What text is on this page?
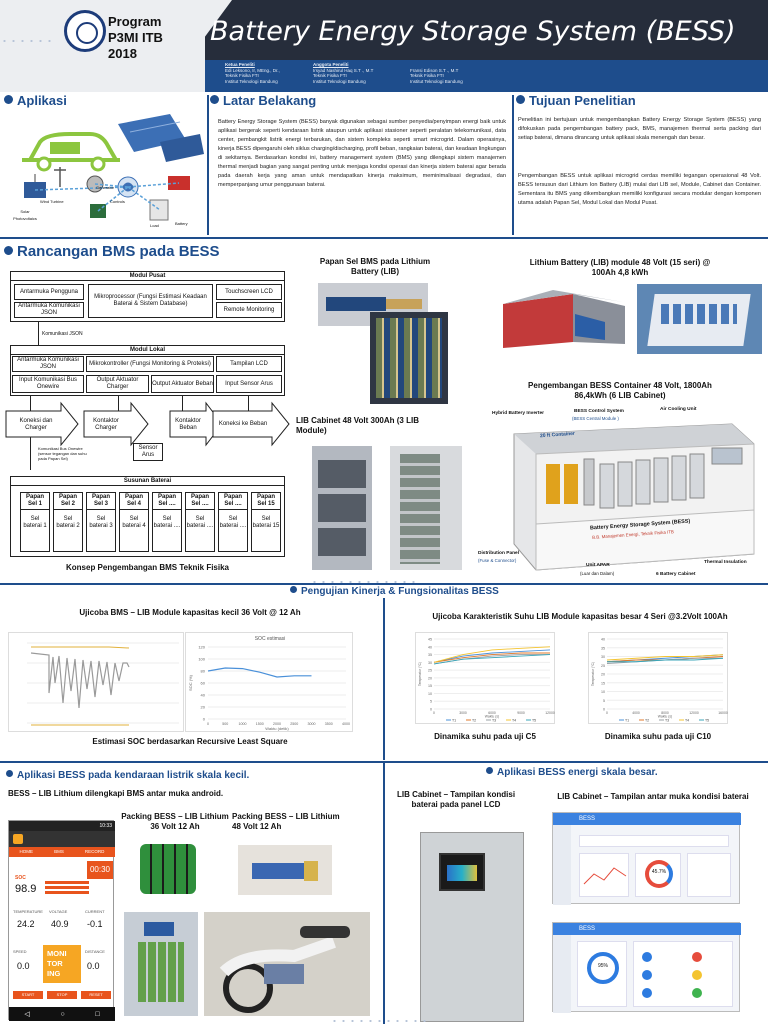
Program
P3MI ITB
2018
Battery Energy Storage System (BESS)
Ketua Peneliti
Edi Leksono, Ir, MEng., Dr.,
Teknik Fisika FTI
Institut Teknologi Bandung
Anggota Peneliti
Irsyad Nashirul Haq S.T ., M.T
Teknik Fisika FTI
Institut Teknologi Bandung

Fransi Edison S.T ., M.T
Teknik Fisika FTI
Institut Teknologi Bandung
Aplikasi
Generator
Wind Turbine
Solar Photovoltaics
Battery
Controls
Load
Latar Belakang
Battery Energy Storage System (BESS) banyak digunakan sebagai sumber penyedia/penyimpan energi baik untuk aplikasi bergerak seperti kendaraan listrik ataupun untuk aplikasi stasioner seperti peralatan telekomunikasi, data center, pembangkit listrik energi terbarukan, dan sistem kompleks seperti smart microgrid. Dalam operasinya, kinerja BESS dipengaruhi oleh siklus charging/discharging, profil beban, rangkaian baterai, dan keadaan lingkungan di sekitarnya. Berdasarkan kondisi ini, battery management system (BMS) yang dilengkapi sistem manajemen thermal menjadi bagian yang sangat penting untuk menjaga kondisi operasi dan kinerja sistem baterai agar berada pada daerah kerja yang aman untuk mendapatkan kinerja maksimum, meminimalisasi degradasi, dan memperpanjang umur penggunaan baterai.
Tujuan Penelitian
Penelitian ini bertujuan untuk mengembangkan Battery Energy Storage System (BESS) yang difokuskan pada pengembangan battery pack, BMS, manajemen thermal serta packing dari setiap baterai, dimana dirancang untuk aplikasi skala menengah dan besar.
Pengembangan BESS untuk aplikasi microgrid cerdas memiliki tegangan operasional 48 Volt. BESS tersusun dari Lithium Ion Battery (LIB) mulai dari LIB sel, Module, Cabinet dan Container. Sementara itu BMS yang dikembangkan memiliki konfigurasi secara modular dengan komponen utama adalah Papan Sel, Modul Lokal dan Modul Pusat.
Rancangan BMS pada BESS
Modul Pusat
Antarmuka Pengguna
Antarmuka Komunikasi JSON
Mikroprocessor (Fungsi Estimasi Keadaan Baterai & Sistem Database)
Touchscreen LCD
Remote Monitoring
Komunikasi JSON
Modul Lokal
Antarmuka Komunikasi JSON
Mikrokontroller (Fungsi Monitoring & Proteksi)	Tampilan LCD
Input Komunikasi Bus Onewire
Output Aktuator Charger
Output Aktuator Beban	Input Sensor Arus
Koneksi dan Charger
Kontaktor Charger
Kontaktor Beban
Koneksi ke Beban
Sensor Arus
Komunikasi Bus Onewire (sensor tegangan dan suhu pada Papan Sel)
Susunan Baterai
Papan Sel 1
Sel baterai 1
Papan Sel 2
Sel baterai 2
Papan Sel 3
Sel baterai 3
Papan Sel 4
Sel baterai 4
Papan Sel ....
Sel baterai ....
Papan Sel ....
Sel baterai ....
Papan Sel ....
Sel baterai ....
Papan Sel 15
Sel baterai 15
Konsep Pengembangan BMS Teknik Fisika
Papan Sel BMS pada Lithium Battery (LIB)
Lithium Battery (LIB) module 48 Volt (15 seri) @ 100Ah 4,8 kWh
LIB Cabinet 48 Volt 300Ah (3 LIB Module)
Pengembangan BESS Container 48 Volt, 1800Ah 86,4kWh (6 LIB Cabinet)
Hybrid Battery Inverter	BESS Control System
(BESS Central Module )
Air Cooling Unit
20 ft Container
Battery Energy Storage System (BESS)
B.B. Manajemen Energi, Teknik Fisika ITB
Distribution Panel
(Fuse & Connector)
Unit APAR
(Luar dan Dalam)	6 Battery Cabinet
Thermal Insulation
Pengujian Kinerja & Fungsionalitas BESS
Ujicoba BMS – LIB Module kapasitas kecil 36 Volt @ 12 Ah	Ujicoba Karakteristik Suhu LIB Module kapasitas besar 4 Seri @3.2Volt 100Ah
SOC estimasi
0
20
40
60
80
100
120
0	500	1000	1500	2000	2500	3000	3500	4000
Waktu (detik)
SOC (%)
Estimasi SOC berdasarkan Recursive Least Square
0
5
10
15
20
25
30
35
40
45
0	3000	6000	9000	12000
T1	T2	T3	T4	T5
Waktu (s)
Temperatur (°C)
Dinamika suhu pada uji C5
0
5
10
15
20
25
30
35
40
0	4000	8000	12000	16000
T1	T2	T3	T4	T5
Waktu (s)
Temperatur (°C)
Dinamika suhu pada uji C10
Aplikasi BESS pada kendaraan listrik skala kecil.
BESS – LIB Lithium dilengkapi BMS antar muka android.
10:33
HOME	BMS	RECORD
00:30
SOC
98.9
TEMPERATURE VOLTAGE	CURRENT
24.2 40.9 -0.1
SPEED	DISTANCE
0.0	0.0
MONI
TOR
ING
START	STOP	RESET
◁	○	□
Packing BESS – LIB Lithium 36 Volt 12 Ah
Packing BESS – LIB Lithium 48 Volt 12 Ah
Aplikasi BESS energi skala besar.
LIB Cabinet – Tampilan kondisi baterai pada panel LCD
LIB Cabinet – Tampilan antar muka kondisi baterai
BESS
45.7%
BESS
95%
